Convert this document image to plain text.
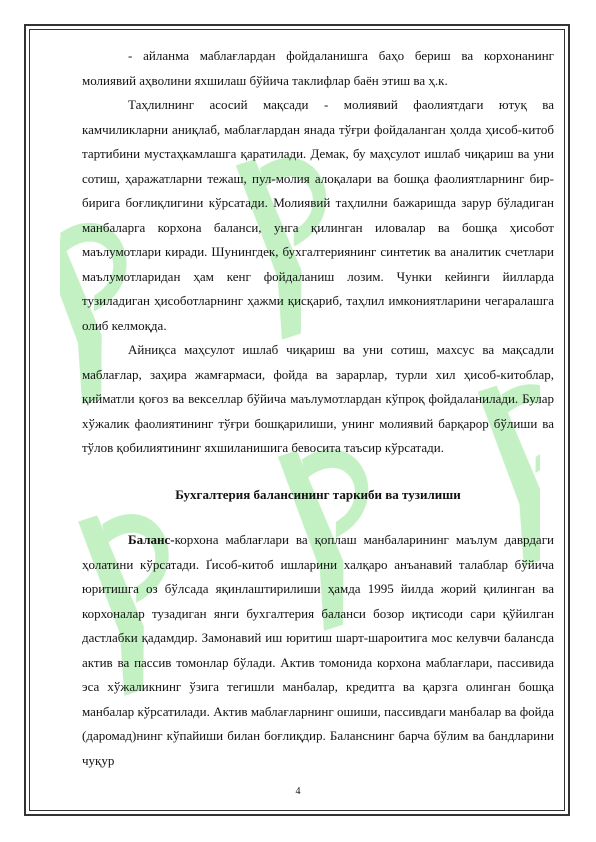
- айланма маблағлардан фойдаланишга баҳо бериш ва корхонанинг молиявий аҳволини яхшилаш бўйича таклифлар баён этиш ва ҳ.к.

Таҳлилнинг асосий мақсади - молиявий фаолиятдаги ютуқ ва камчиликларни аниқлаб, маблағлардан янада тўғри фойдаланган ҳолда ҳисоб-китоб тартибини мустаҳкамлашга қаратилади. Демак, бу маҳсулот ишлаб чиқариш ва уни сотиш, ҳаражатларни тежаш, пул-молия алоқалари ва бошқа фаолиятларнинг бир-бирига боғлиқлигини кўрсатади. Молиявий таҳлилни бажаришда зарур бўладиган манбаларга корхона баланси, унга қилинган иловалар ва бошқа ҳисобот маълумотлари киради. Шунингдек, бухгалтериянинг синтетик ва аналитик счетлари маълумотларидан ҳам кенг фойдаланиш лозим. Чунки кейинги йилларда тузиладиган ҳисоботларнинг ҳажми қисқариб, таҳлил имкониятларини чегаралашга олиб келмоқда.

Айниқса маҳсулот ишлаб чиқариш ва уни сотиш, махсус ва мақсадли маблағлар, заҳира жамғармаси, фойда ва зарарлар, турли хил ҳисоб-китоблар, қийматли қоғоз ва векселлар бўйича маълумотлардан кўпроқ фойдаланилади. Булар хўжалик фаолиятининг тўғри бошқарилиши, унинг молиявий барқарор бўлиши ва тўлов қобилиятининг яхшиланишига бевосита таъсир кўрсатади.

Бухгалтерия балансининг таркиби ва тузилиши

Баланс-корхона маблағлари ва қоплаш манбаларининг маълум даврдаги ҳолатини кўрсатади. Ґисоб-китоб ишларини халқаро анъанавий талаблар бўйича юритишга оз бўлсада яқинлаштирилиши ҳамда 1995 йилда жорий қилинган ва корхоналар тузадиган янги бухгалтерия баланси бозор иқтисоди сари қўйилган дастлабки қадамдир. Замонавий иш юритиш шарт-шароитига мос келувчи балансда актив ва пассив томонлар бўлади. Актив томонида корхона маблағлари, пассивида эса хўжаликнинг ўзига тегишли манбалар, кредитга ва қарзга олинган бошқа манбалар кўрсатилади. Актив маблағларнинг ошиши, пассивдаги манбалар ва фойда (даромад)нинг кўпайиши билан боғлиқдир. Баланснинг барча бўлим ва бандларини чуқур

4
